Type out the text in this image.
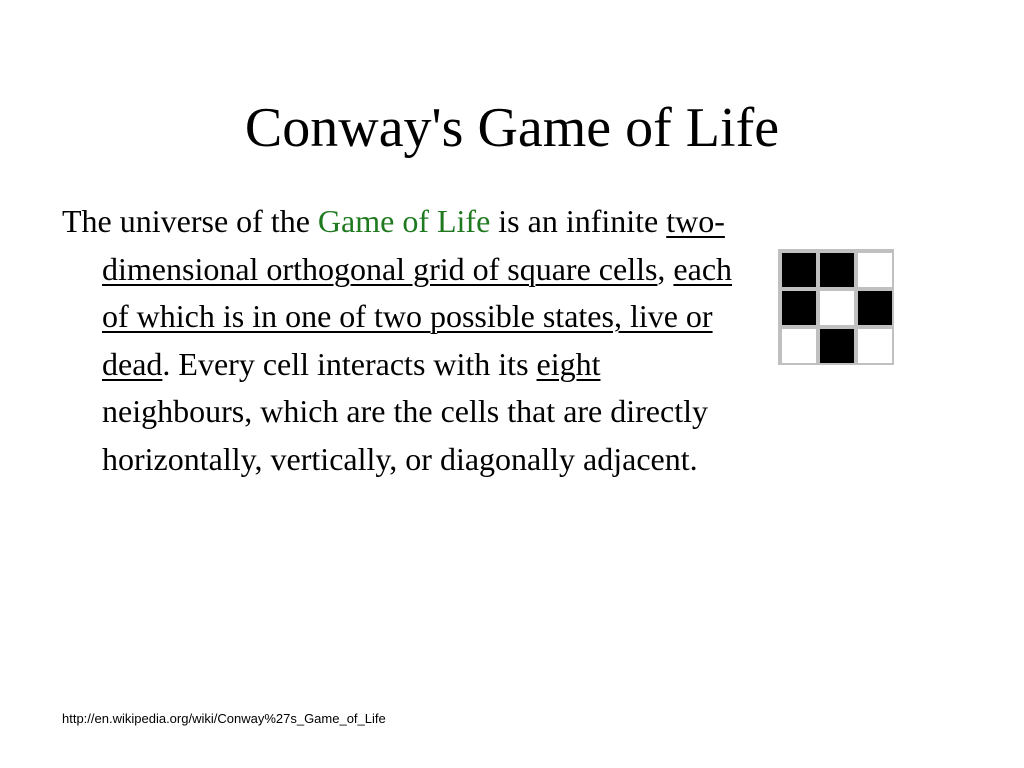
Conway's Game of Life

The universe of the Game of Life is an infinite two-dimensional orthogonal grid of square cells, each of which is in one of two possible states, live or dead. Every cell interacts with its eight neighbours, which are the cells that are directly horizontally, vertically, or diagonally adjacent.

http://en.wikipedia.org/wiki/Conway%27s_Game_of_Life
